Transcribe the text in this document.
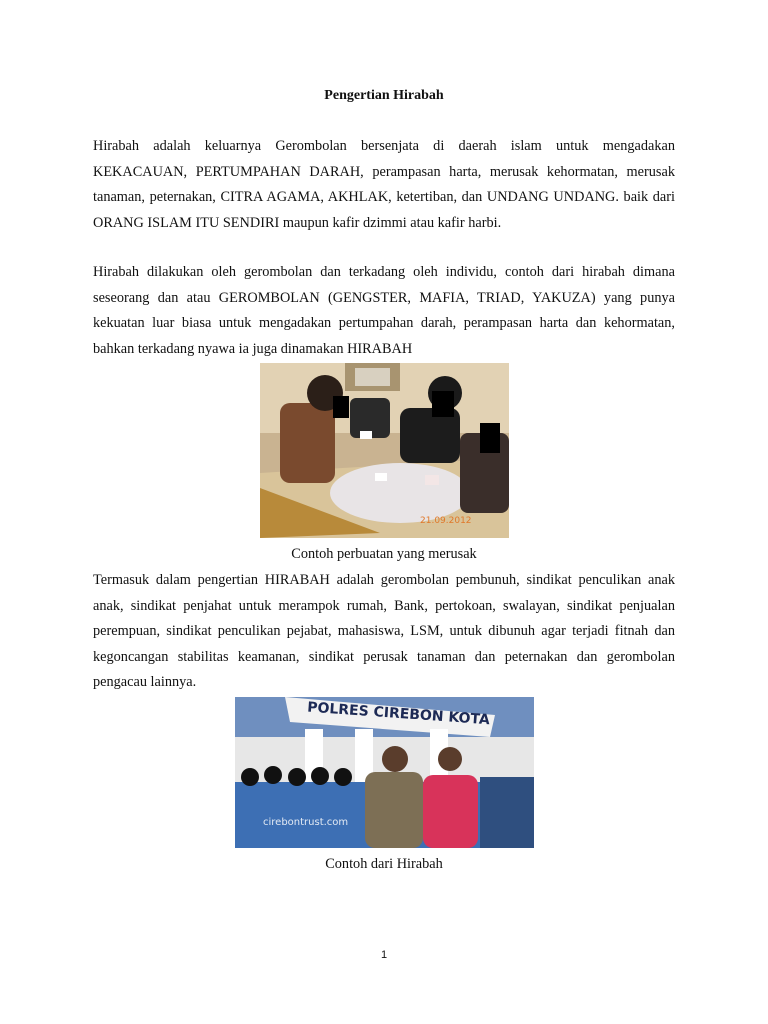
Pengertian Hirabah

Hirabah adalah keluarnya Gerombolan bersenjata di daerah islam untuk mengadakan KEKACAUAN, PERTUMPAHAN DARAH, perampasan harta, merusak kehormatan, merusak tanaman, peternakan, CITRA AGAMA, AKHLAK, ketertiban, dan UNDANG UNDANG. baik dari ORANG ISLAM ITU SENDIRI maupun kafir dzimmi atau kafir harbi.

Hirabah dilakukan oleh gerombolan dan terkadang oleh individu, contoh dari hirabah dimana seseorang dan atau GEROMBOLAN (GENGSTER, MAFIA, TRIAD, YAKUZA) yang punya kekuatan luar biasa untuk mengadakan pertumpahan darah, perampasan harta dan kehormatan, bahkan terkadang nyawa ia juga dinamakan HIRABAH

21.09.2012
Contoh perbuatan yang merusak

Termasuk dalam pengertian HIRABAH adalah gerombolan pembunuh, sindikat penculikan anak anak, sindikat penjahat untuk merampok rumah, Bank, pertokoan, swalayan, sindikat penjualan perempuan, sindikat penculikan pejabat, mahasiswa, LSM, untuk dibunuh agar terjadi fitnah dan kegoncangan stabilitas keamanan, sindikat perusak tanaman dan peternakan dan gerombolan pengacau lainnya.

POLRES CIREBON KOTA
cirebontrust.com
Contoh dari Hirabah
1
